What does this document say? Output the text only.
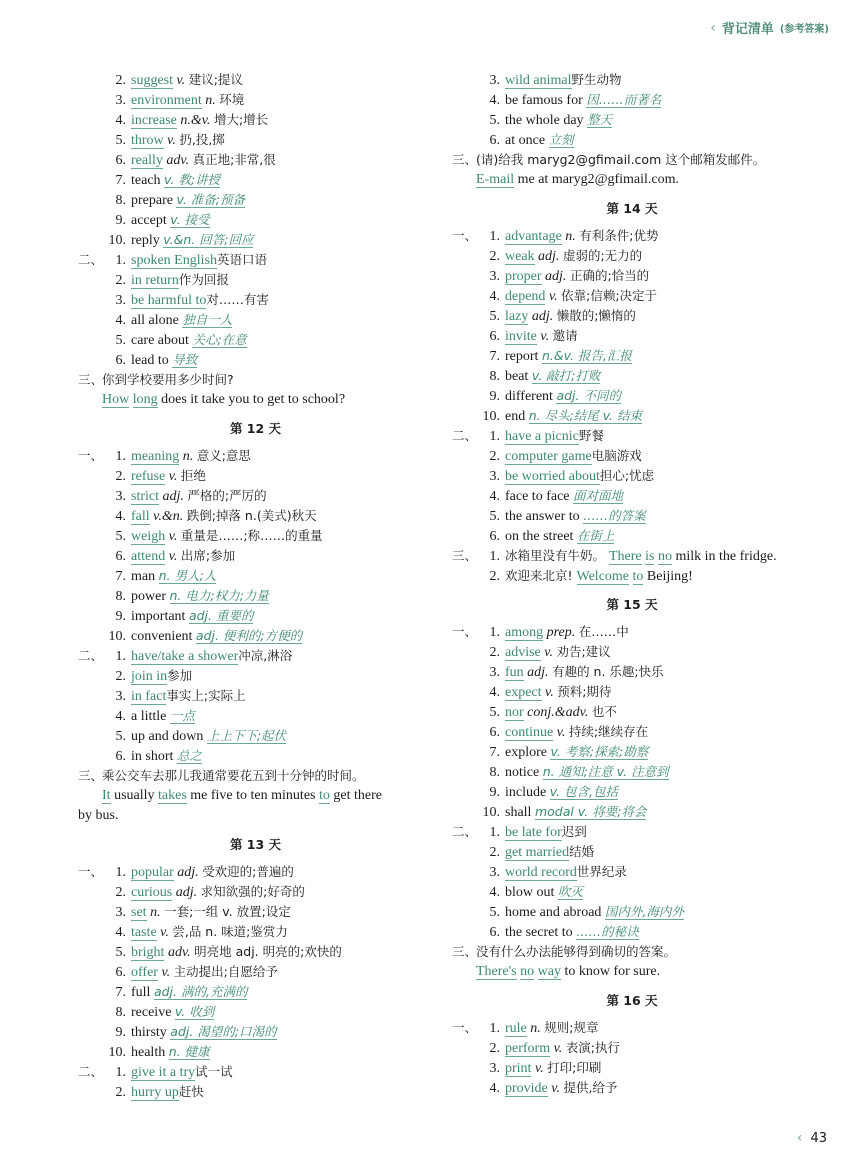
‹ 背记清单 (参考答案)
2. suggest v. 建议;提议
3. environment n. 环境
4. increase n.&v. 增大;增长
5. throw v. 扔,投,掷
6. really adv. 真正地;非常,很
7. teach v. 教;讲授
8. prepare v. 准备;预备
9. accept v. 接受
10. reply v.&n. 回答;回应
二、 1. spoken English英语口语
2. in return作为回报
3. be harmful to对……有害
4. all alone 独自一人
5. care about 关心;在意
6. lead to 导致
三、你到学校要用多少时间?
How long does it take you to get to school?
第 12 天
一、 1. meaning n. 意义;意思
2. refuse v. 拒绝
3. strict adj. 严格的;严厉的
4. fall v.&n. 跌倒;掉落 n.(美式)秋天
5. weigh v. 重量是……;称……的重量
6. attend v. 出席;参加
7. man n. 男人;人
8. power n. 电力;权力;力量
9. important adj. 重要的
10. convenient adj. 便利的;方便的
二、 1. have/take a shower冲凉,淋浴
2. join in参加
3. in fact事实上;实际上
4. a little 一点
5. up and down 上上下下;起伏
6. in short 总之
三、乘公交车去那儿我通常要花五到十分钟的时间。
It usually takes me five to ten minutes to get there
by bus.
第 13 天
一、 1. popular adj. 受欢迎的;普遍的
2. curious adj. 求知欲强的;好奇的
3. set n. 一套;一组 v. 放置;设定
4. taste v. 尝,品 n. 味道;鉴赏力
5. bright adv. 明亮地 adj. 明亮的;欢快的
6. offer v. 主动提出;自愿给予
7. full adj. 满的,充满的
8. receive v. 收到
9. thirsty adj. 渴望的;口渴的
10. health n. 健康
二、 1. give it a try试一试
2. hurry up赶快
3. wild animal野生动物
4. be famous for 因……而著名
5. the whole day 整天
6. at once 立刻
三、(请)给我 maryg2@gfimail.com 这个邮箱发邮件。
E-mail me at maryg2@gfimail.com.
第 14 天
一、 1. advantage n. 有利条件;优势
2. weak adj. 虚弱的;无力的
3. proper adj. 正确的;恰当的
4. depend v. 依靠;信赖;决定于
5. lazy adj. 懒散的;懒惰的
6. invite v. 邀请
7. report n.&v. 报告,汇报
8. beat v. 敲打;打败
9. different adj. 不同的
10. end n. 尽头;结尾 v. 结束
二、 1. have a picnic野餐
2. computer game电脑游戏
3. be worried about担心;忧虑
4. face to face 面对面地
5. the answer to ……的答案
6. on the street 在街上
三、 1. 冰箱里没有牛奶。 There is no milk in the fridge.
2. 欢迎来北京! Welcome to Beijing!
第 15 天
一、 1. among prep. 在……中
2. advise v. 劝告;建议
3. fun adj. 有趣的 n. 乐趣;快乐
4. expect v. 预料;期待
5. nor conj.&adv. 也不
6. continue v. 持续;继续存在
7. explore v. 考察;探索;勘察
8. notice n. 通知;注意 v. 注意到
9. include v. 包含,包括
10. shall modal v. 将要;将会
二、 1. be late for迟到
2. get married结婚
3. world record世界纪录
4. blow out 吹灭
5. home and abroad 国内外,海内外
6. the secret to ……的秘诀
三、没有什么办法能够得到确切的答案。
There's no way to know for sure.
第 16 天
一、 1. rule n. 规则;规章
2. perform v. 表演;执行
3. print v. 打印;印刷
4. provide v. 提供,给予
‹ 43
